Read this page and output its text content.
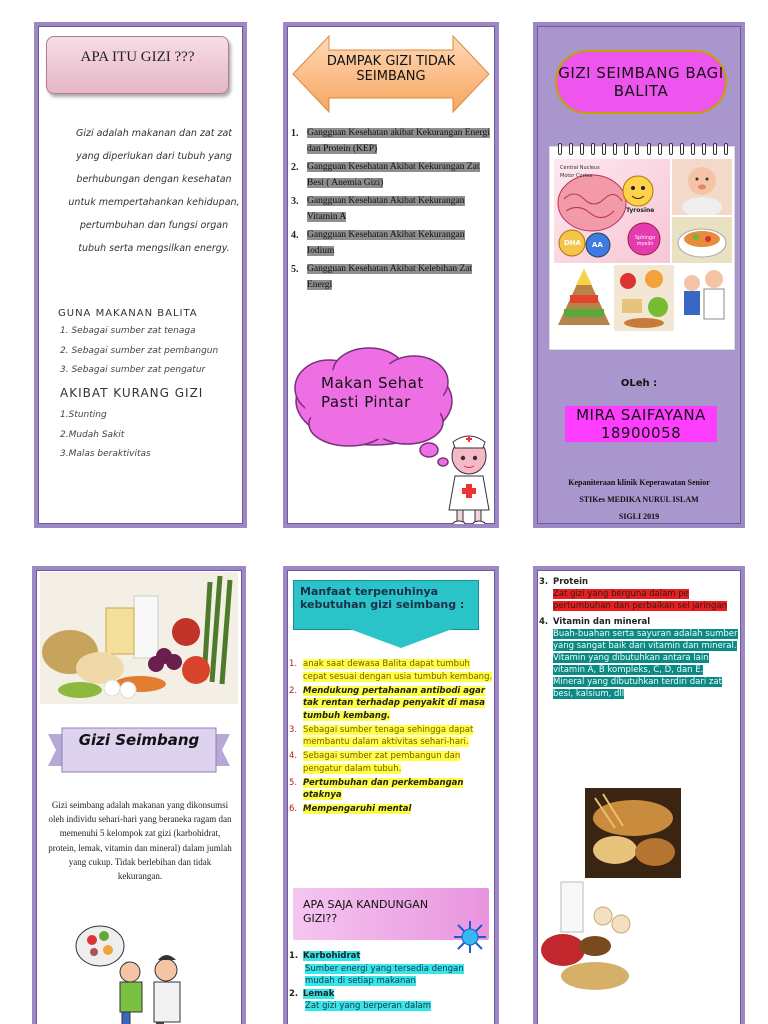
APA ITU GIZI ???
Gizi adalah makanan dan zat zat yang diperlukan dari tubuh yang berhubungan dengan kesehatan untuk mempertahankan kehidupan, pertumbuhan dan fungsi organ tubuh serta mengsilkan energy.
GUNA MAKANAN BALITA
1. Sebagai sumber zat tenaga
2. Sebagai sumber zat pembangun
3. Sebagai sumber zat pengatur
AKIBAT KURANG GIZI
1.Stunting
2.Mudah Sakit
3.Malas beraktivitas
DAMPAK GIZI TIDAK SEIMBANG
1. Gangguan Kesehatan akibat Kekurangan Energi dan Protein (KEP)
2. Gangguan Kesehatan Akibat Kekurangan Zat Besi ( Anemia Gizi)
3. Gangguan Kesehatan Akibat Kekurangan Vitamin A
4. Gangguan Kesehatan Akibat Kekurangan Iodium
5. Gangguan Kesehatan Akibat Kelebihan Zat Energi
Makan Sehat Pasti Pintar
GIZI SEIMBANG BAGI BALITA
Central Nucleus
Motor Cortex
Tyrosine
DHA AA
Sphingo myelin
OLeh :
MIRA SAIFAYANA
18900058
Kepaniteraan klinik Keperawatan Senior
STIKes MEDIKA NURUL ISLAM
SIGLI 2019
Gizi Seimbang
Gizi seimbang adalah makanan yang dikonsumsi oleh individu sehari-hari yang beraneka ragam dan memenuhi 5 kelompok zat gizi (karbohidrat, protein, lemak, vitamin dan mineral) dalam jumlah yang cukup. Tidak berlebihan dan tidak kekurangan.
Manfaat terpenuhinya kebutuhan gizi seimbang :
1. anak saat dewasa Balita dapat tumbuh cepat sesuai dengan usia tumbuh kembang.
2. Mendukung pertahanan antibodi agar tak rentan terhadap penyakit di masa tumbuh kembang.
3. Sebagai sumber tenaga sehingga dapat membantu dalam aktivitas sehari-hari.
4. Sebagai sumber zat pembangun dan pengatur dalam tubuh.
5. Pertumbuhan dan perkembangan otaknya
6. Mempengaruhi mental
APA SAJA KANDUNGAN GIZI??
1. Karbohidrat
Sumber energi yang tersedia dengan mudah di setiap makanan
2. Lemak
Zat gizi yang berperan dalam
3. Protein
Zat gizi yang berguna dalam pe pertumbuhan dan perbaikan sel jaringan
4. Vitamin dan mineral
Buah-buahan serta sayuran adalah sumber yang sangat baik dari vitamin dan mineral.
Vitamin yang dibutuhkan antara lain vitamin A, B kompleks, C, D, dan E.
Mineral yang dibutuhkan terdiri dari zat besi, kalsium, dll
